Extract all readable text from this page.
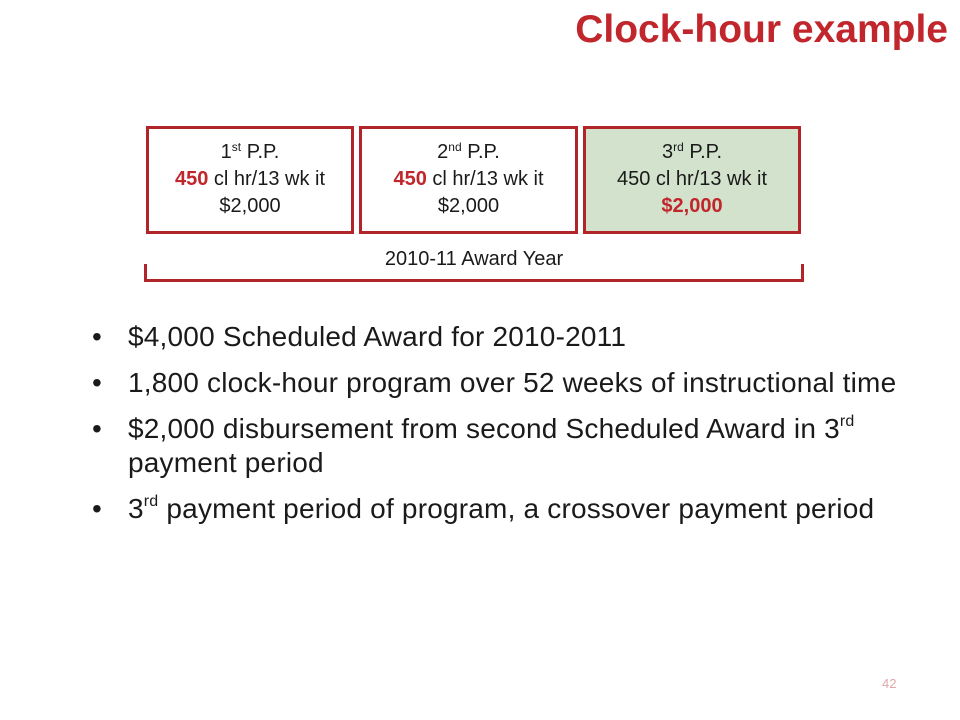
Clock-hour example
1st P.P.
450 cl hr/13 wk it
$2,000
2nd P.P.
450 cl hr/13 wk it
$2,000
3rd P.P.
450 cl hr/13 wk it
$2,000
2010-11 Award Year
• $4,000 Scheduled Award for 2010-2011
• 1,800 clock-hour program over 52 weeks of instructional time
• $2,000 disbursement from second Scheduled Award in 3rd payment period
• 3rd payment period of program, a crossover payment period
42
